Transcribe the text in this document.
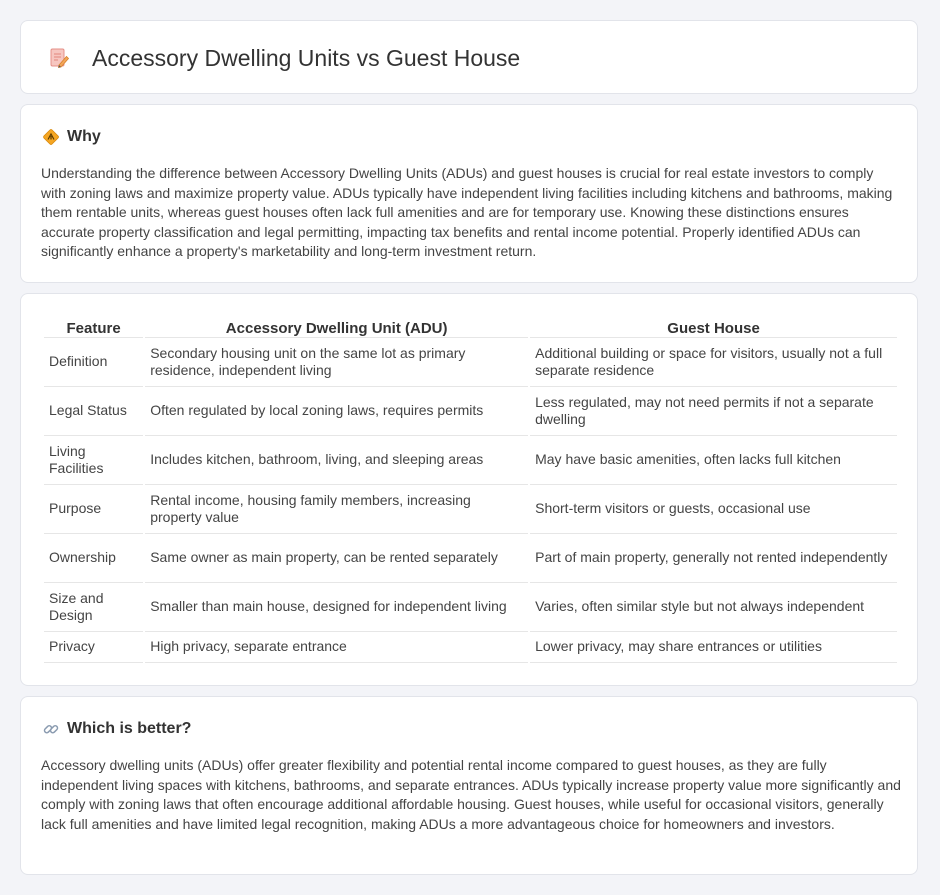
Accessory Dwelling Units vs Guest House
Why

Understanding the difference between Accessory Dwelling Units (ADUs) and guest houses is crucial for real estate investors to comply with zoning laws and maximize property value. ADUs typically have independent living facilities including kitchens and bathrooms, making them rentable units, whereas guest houses often lack full amenities and are for temporary use. Knowing these distinctions ensures accurate property classification and legal permitting, impacting tax benefits and rental income potential. Properly identified ADUs can significantly enhance a property's marketability and long-term investment return.

Feature	Accessory Dwelling Unit (ADU)	Guest House
Definition	Secondary housing unit on the same lot as primary residence, independent living	Additional building or space for visitors, usually not a full separate residence
Legal Status	Often regulated by local zoning laws, requires permits	Less regulated, may not need permits if not a separate dwelling
Living Facilities	Includes kitchen, bathroom, living, and sleeping areas	May have basic amenities, often lacks full kitchen
Purpose	Rental income, housing family members, increasing property value	Short-term visitors or guests, occasional use
Ownership	Same owner as main property, can be rented separately	Part of main property, generally not rented independently
Size and Design	Smaller than main house, designed for independent living	Varies, often similar style but not always independent
Privacy	High privacy, separate entrance	Lower privacy, may share entrances or utilities
Which is better?

Accessory dwelling units (ADUs) offer greater flexibility and potential rental income compared to guest houses, as they are fully independent living spaces with kitchens, bathrooms, and separate entrances. ADUs typically increase property value more significantly and comply with zoning laws that often encourage additional affordable housing. Guest houses, while useful for occasional visitors, generally lack full amenities and have limited legal recognition, making ADUs a more advantageous choice for homeowners and investors.
